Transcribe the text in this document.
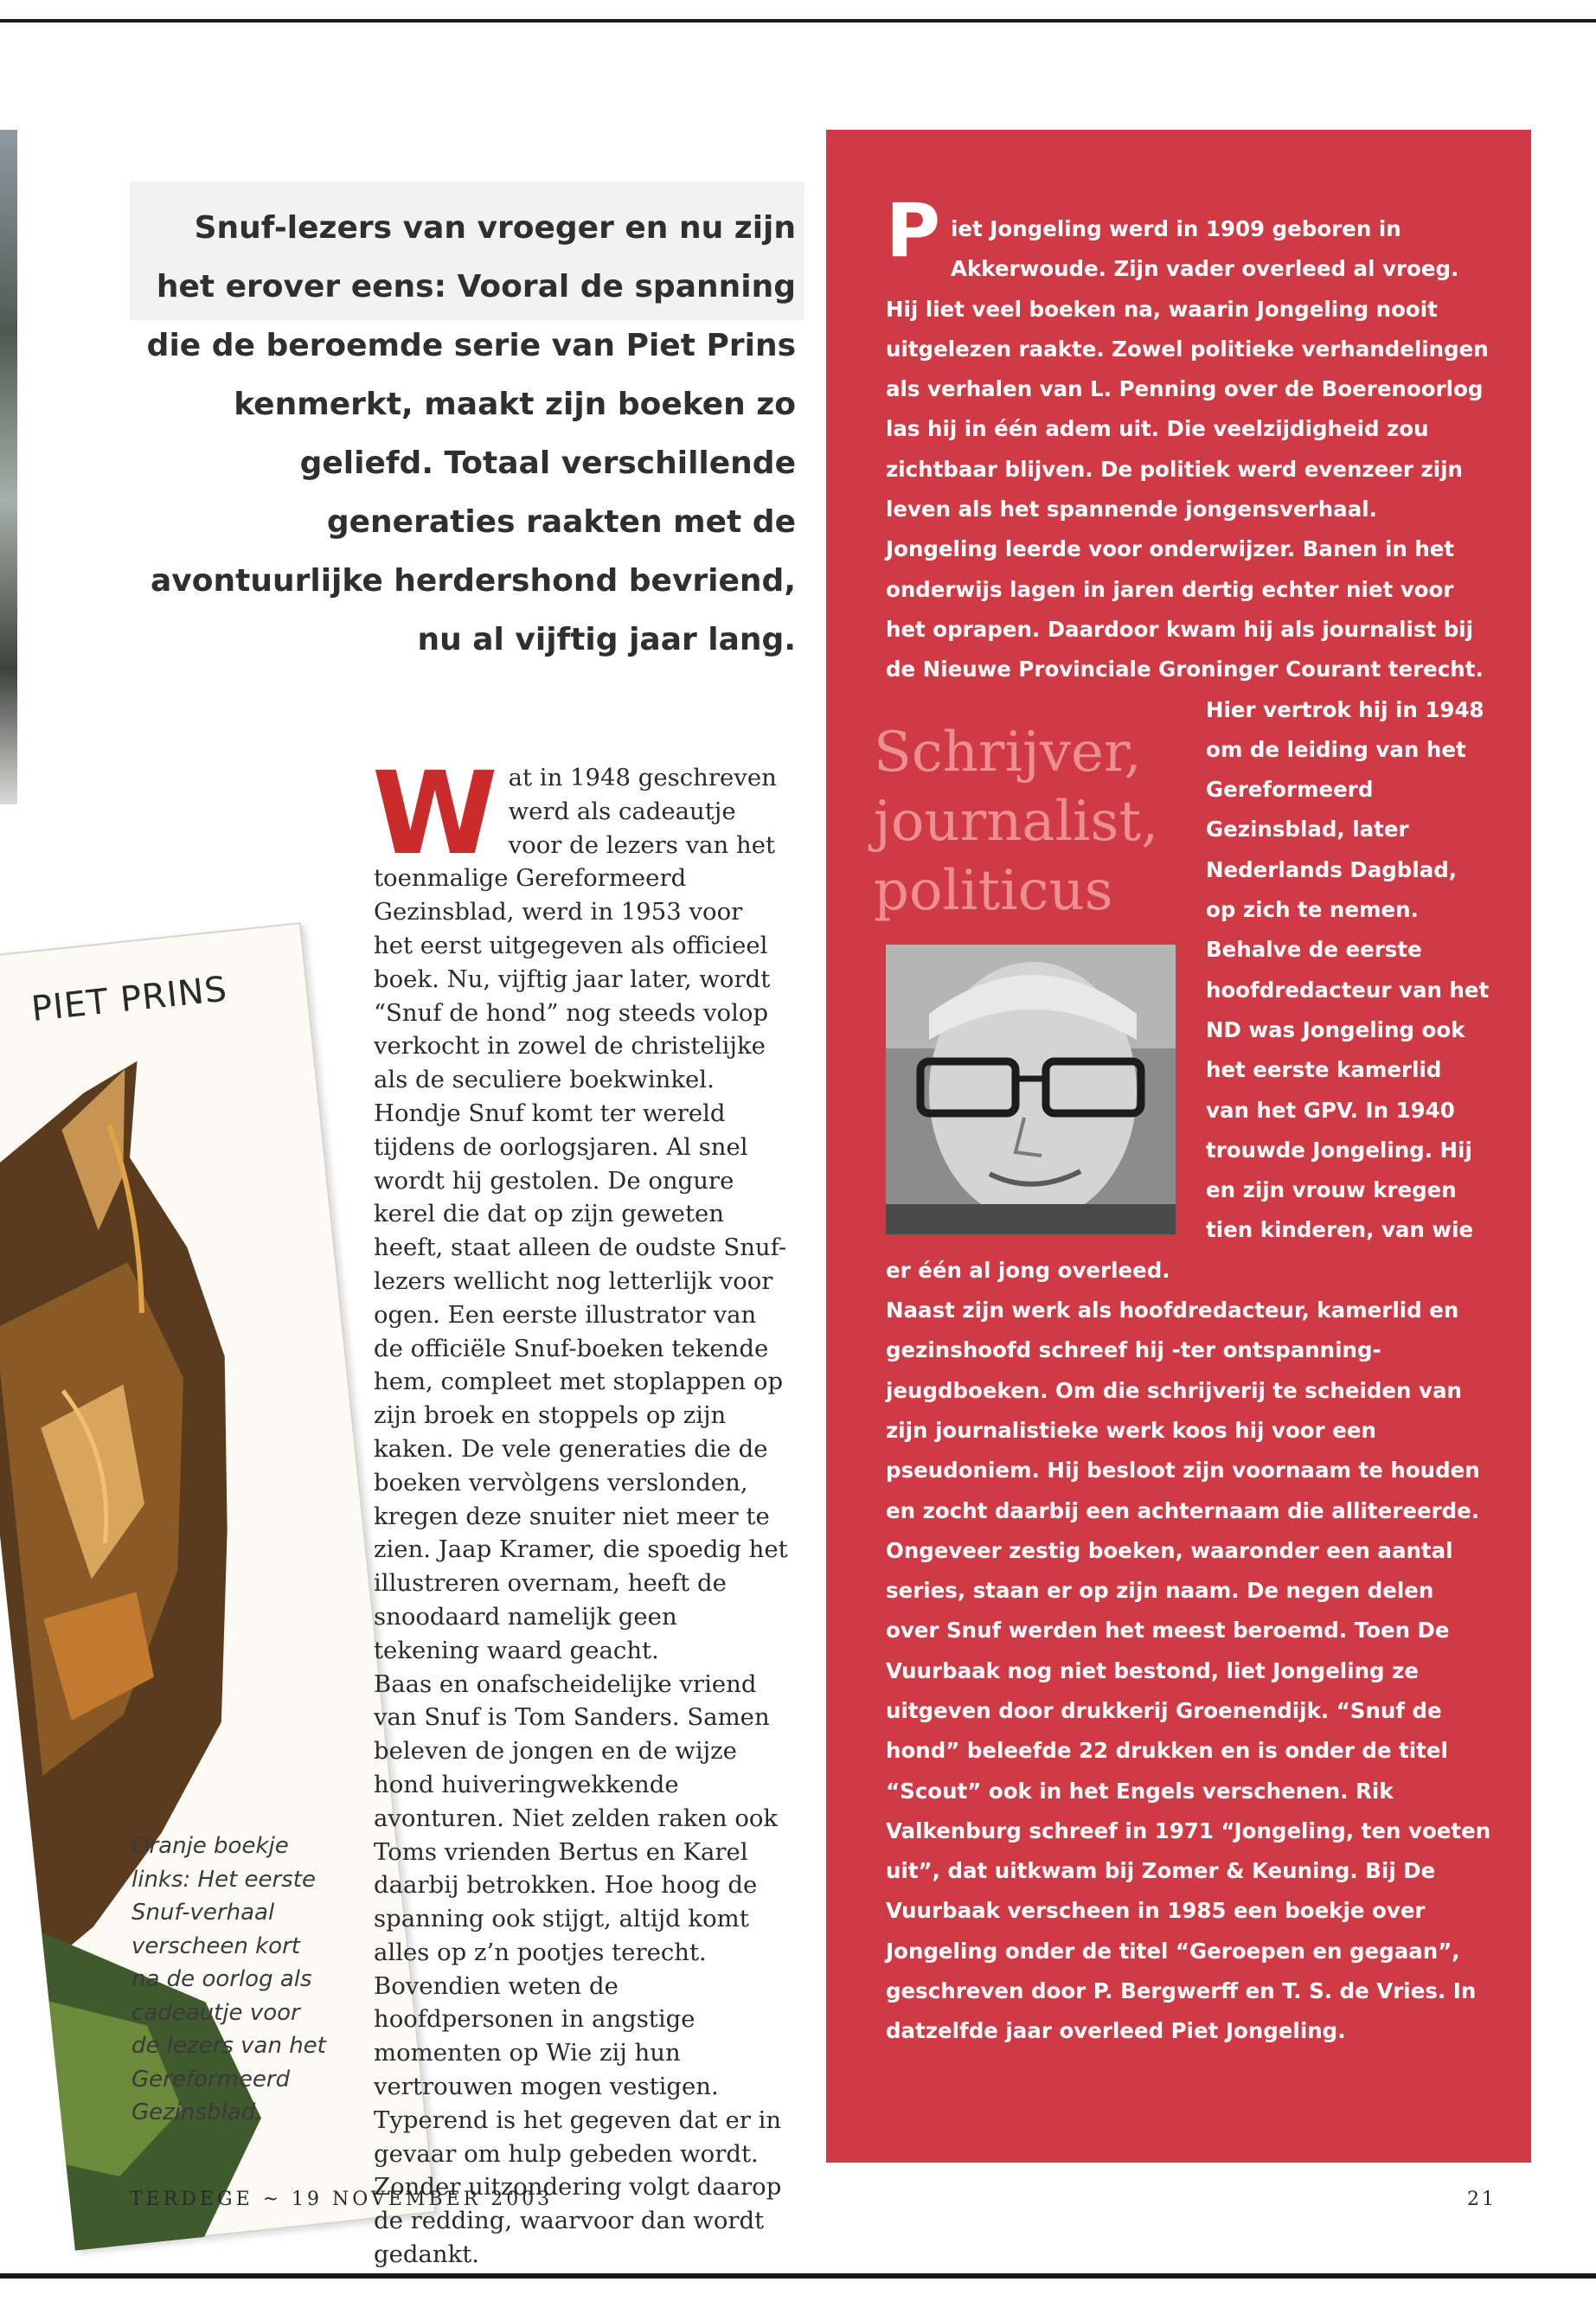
PIET PRINS
Snuf-lezers van vroeger en nu zijn het erover eens: Vooral de spanning die de beroemde serie van Piet Prins kenmerkt, maakt zijn boeken zo geliefd. Totaal verschillende generaties raakten met de avontuurlijke herdershond bevriend, nu al vijftig jaar lang.

Wat in 1948 geschreven werd als cadeautje voor de lezers van het toenmalige Gereformeerd Gezinsblad, werd in 1953 voor het eerst uitgegeven als officieel boek. Nu, vijftig jaar later, wordt “Snuf de hond” nog steeds volop verkocht in zowel de christelijke als de seculiere boekwinkel. Hondje Snuf komt ter wereld tijdens de oorlogsjaren. Al snel wordt hij gestolen. De ongure kerel die dat op zijn geweten heeft, staat alleen de oudste Snuf-lezers wellicht nog letterlijk voor ogen. Een eerste illustrator van de officiële Snuf-boeken tekende hem, compleet met stoplappen op zijn broek en stoppels op zijn kaken. De vele generaties die de boeken vervòlgens verslonden, kregen deze snuiter niet meer te zien. Jaap Kramer, die spoedig het illustreren overnam, heeft de snoodaard namelijk geen tekening waard geacht.

Baas en onafscheidelijke vriend van Snuf is Tom Sanders. Samen beleven de jongen en de wijze hond huiveringwekkende avonturen. Niet zelden raken ook Toms vrienden Bertus en Karel daarbij betrokken. Hoe hoog de spanning ook stijgt, altijd komt alles op z’n pootjes terecht. Bovendien weten de hoofdpersonen in angstige momenten op Wie zij hun vertrouwen mogen vestigen. Typerend is het gegeven dat er in gevaar om hulp gebeden wordt. Zonder uitzondering volgt daarop de redding, waarvoor dan wordt gedankt.

Oranje boekje links: Het eerste Snuf-verhaal verscheen kort na de oorlog als cadeautje voor de lezers van het Gereformeerd Gezinsblad.
Schrijver, journalist, politicus

Piet Jongeling werd in 1909 geboren in Akkerwoude. Zijn vader overleed al vroeg. Hij liet veel boeken na, waarin Jongeling nooit uitgelezen raakte. Zowel politieke verhandelingen als verhalen van L. Penning over de Boerenoorlog las hij in één adem uit. Die veelzijdigheid zou zichtbaar blijven. De politiek werd evenzeer zijn leven als het spannende jongensverhaal. Jongeling leerde voor onderwijzer. Banen in het onderwijs lagen in jaren dertig echter niet voor het oprapen. Daardoor kwam hij als journalist bij de Nieuwe Provinciale Groninger Courant
terecht. Hier vertrok hij in 1948 om de leiding van het Gereformeerd Gezinsblad, later Nederlands Dagblad, op zich te nemen. Behalve de eerste hoofdredacteur van het ND was Jongeling ook het eerste kamerlid van het GPV. In 1940 trouwde Jongeling. Hij en zijn vrouw kregen tien kinderen, van wie er één al jong overleed.

Naast zijn werk als hoofdredacteur, kamerlid en gezinshoofd schreef hij -ter ontspanning- jeugdboeken. Om die schrijverij te scheiden van zijn journalistieke werk koos hij voor een pseudoniem. Hij besloot zijn voornaam te houden en zocht daarbij een achternaam die allitereerde. Ongeveer zestig boeken, waaronder een aantal series, staan er op zijn naam. De negen delen over Snuf werden het meest beroemd. Toen De Vuurbaak nog niet bestond, liet Jongeling ze uitgeven door drukkerij Groenendijk. “Snuf de hond” beleefde 22 drukken en is onder de titel “Scout” ook in het Engels verschenen. Rik Valkenburg schreef in 1971 “Jongeling, ten voeten uit”, dat uitkwam bij Zomer & Keuning. Bij De Vuurbaak verscheen in 1985 een boekje over Jongeling onder de titel “Geroepen en gegaan”, geschreven door P. Bergwerff en T. S. de Vries. In datzelfde jaar overleed Piet Jongeling.

TERDEGE ~ 19 NOVEMBER 2003	21
